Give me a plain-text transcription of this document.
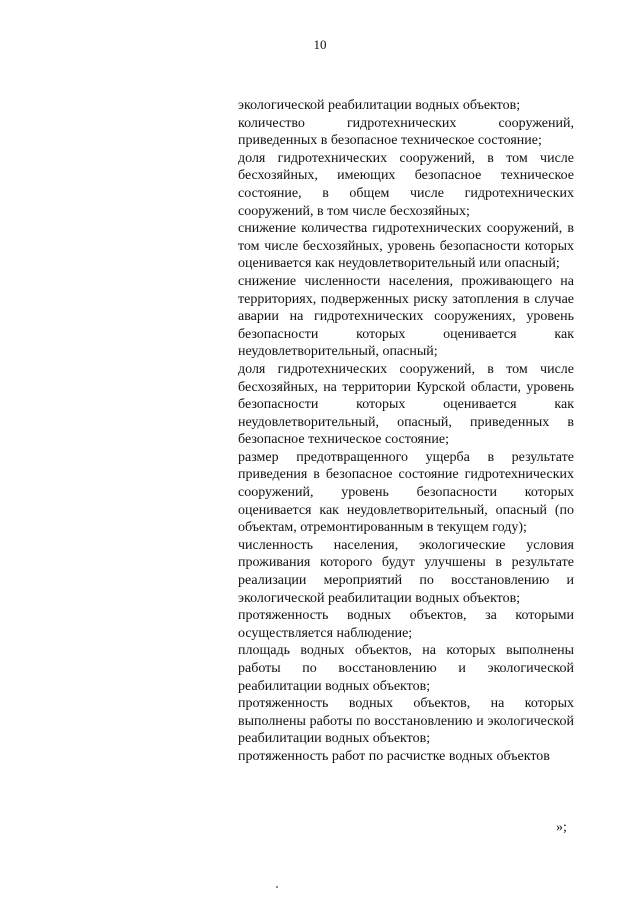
10

экологической реабилитации водных объектов;

количество гидротехнических сооружений, приведенных в безопасное техническое состояние;

доля гидротехнических сооружений, в том числе бесхозяйных, имеющих безопасное техническое состояние, в общем числе гидротехнических сооружений, в том числе бесхозяйных;

снижение количества гидротехнических сооружений, в том числе бесхозяйных, уровень безопасности которых оценивается как неудовлетворительный или опасный;

снижение численности населения, проживающего на территориях, подверженных риску затопления в случае аварии на гидротехнических сооружениях, уровень безопасности которых оценивается как неудовлетворительный, опасный;

доля гидротехнических сооружений, в том числе бесхозяйных, на территории Курской области, уровень безопасности которых оценивается как неудовлетворительный, опасный, приведенных в безопасное техническое состояние;

размер предотвращенного ущерба в результате приведения в безопасное состояние гидротехнических сооружений, уровень безопасности которых оценивается как неудовлетворительный, опасный (по объектам, отремонтированным в текущем году);

численность населения, экологические условия проживания которого будут улучшены в результате реализации мероприятий по восстановлению и экологической реабилитации водных объектов;

протяженность водных объектов, за которыми осуществляется наблюдение;

площадь водных объектов, на которых выполнены работы по восстановлению и экологической реабилитации водных объектов;

протяженность водных объектов, на которых выполнены работы по восстановлению и экологической реабилитации водных объектов;

протяженность работ по расчистке водных объектов

»;
